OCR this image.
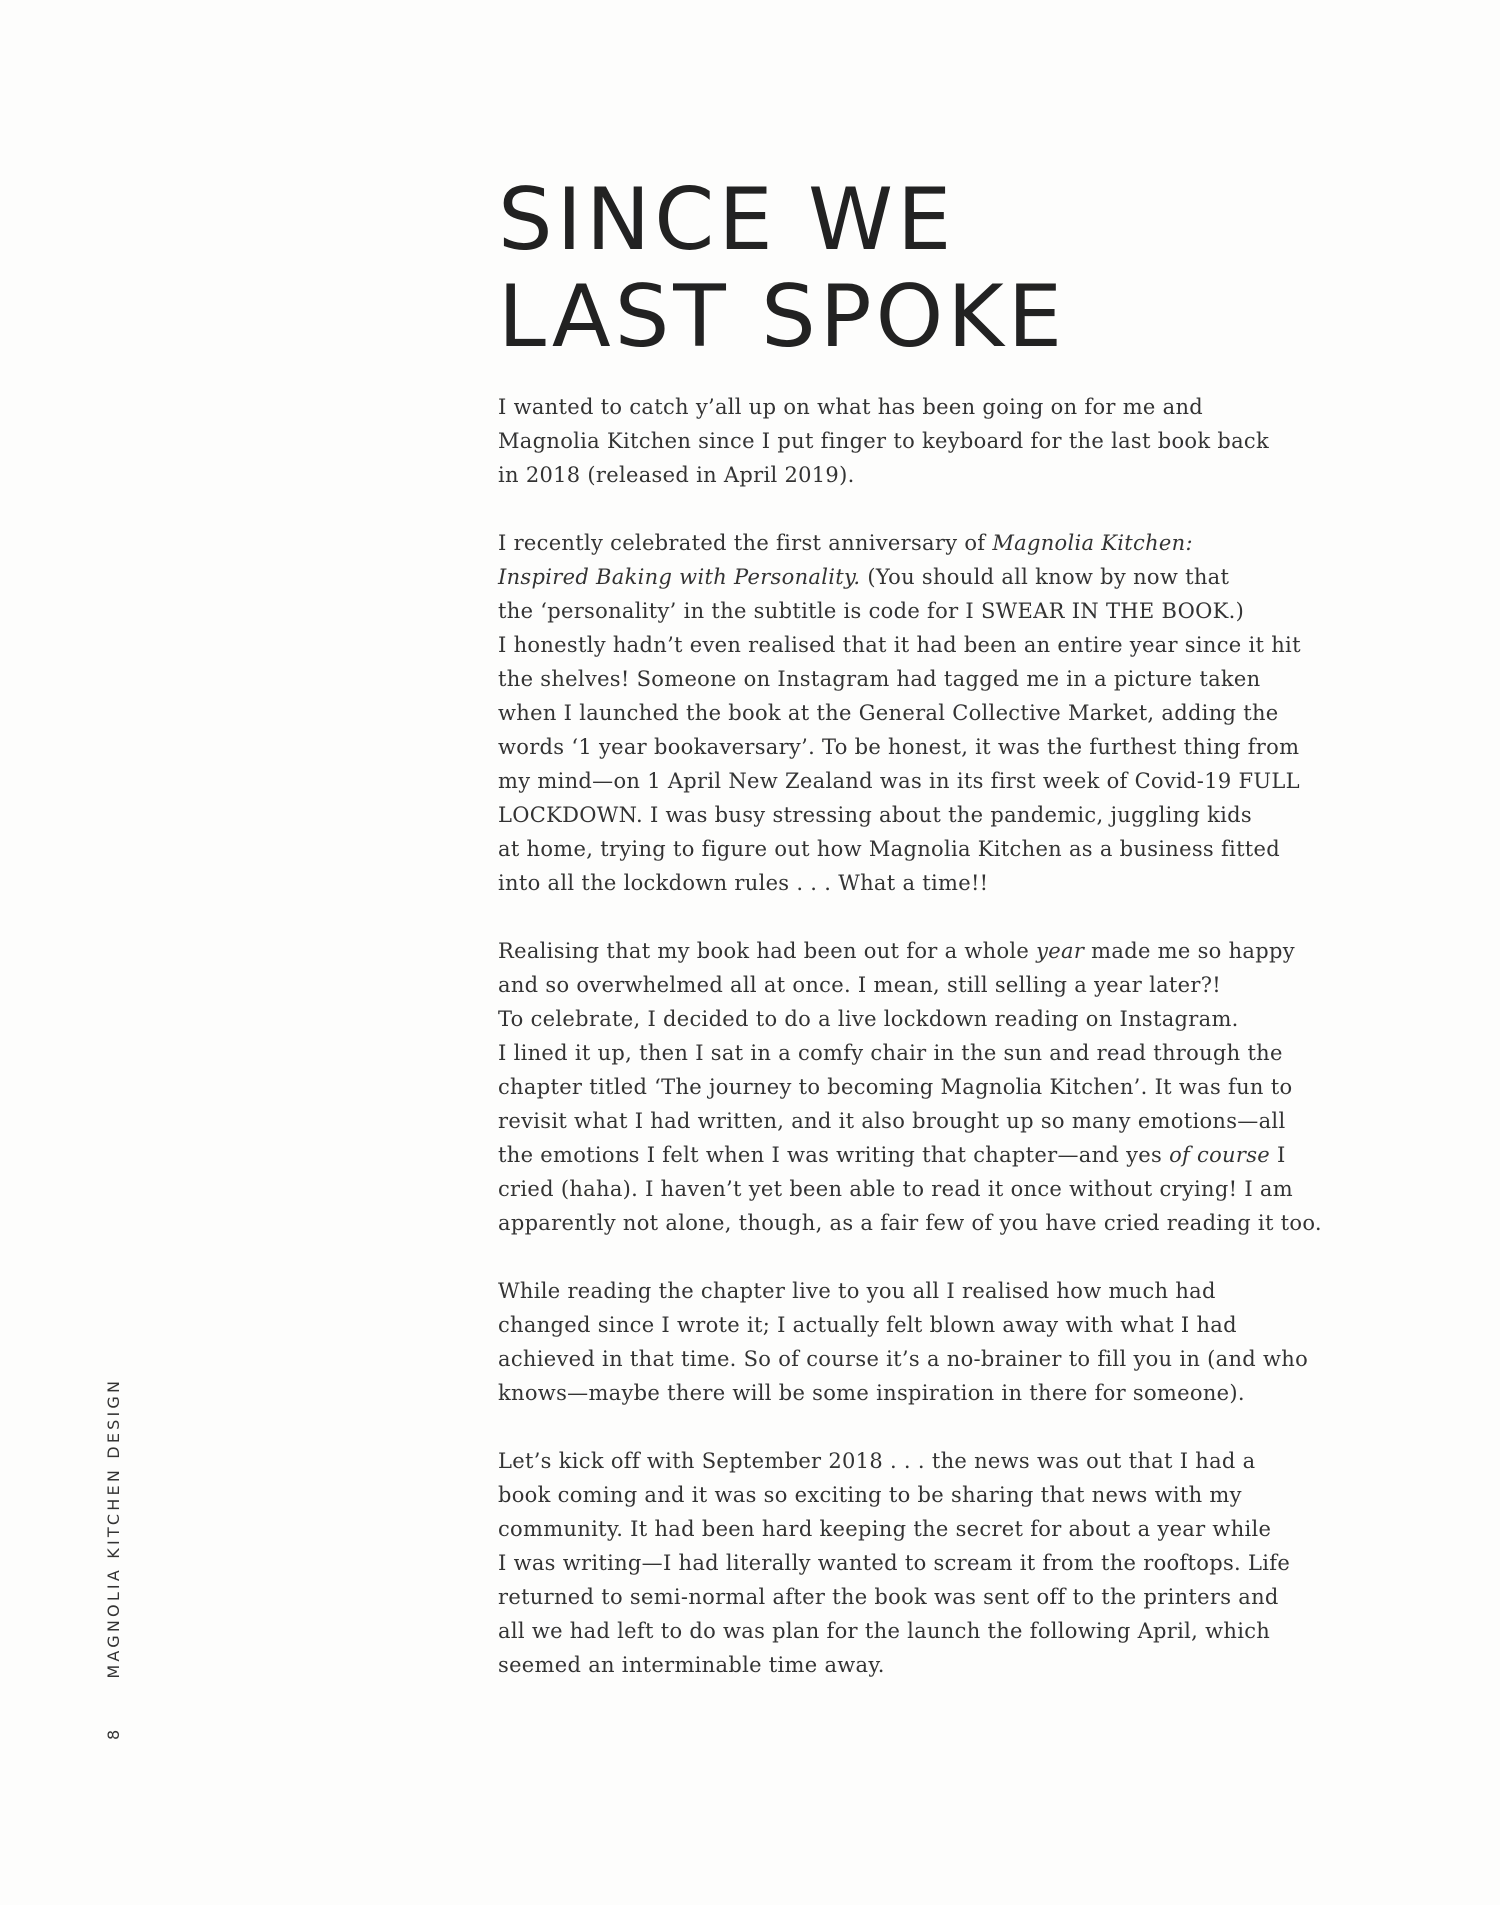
SINCE WE
LAST SPOKE

I wanted to catch y’all up on what has been going on for me and
Magnolia Kitchen since I put finger to keyboard for the last book back
in 2018 (released in April 2019).

I recently celebrated the first anniversary of Magnolia Kitchen:
Inspired Baking with Personality. (You should all know by now that
the ‘personality’ in the subtitle is code for I SWEAR IN THE BOOK.)
I honestly hadn’t even realised that it had been an entire year since it hit
the shelves! Someone on Instagram had tagged me in a picture taken
when I launched the book at the General Collective Market, adding the
words ‘1 year bookaversary’. To be honest, it was the furthest thing from
my mind—on 1 April New Zealand was in its first week of Covid-19 FULL
LOCKDOWN. I was busy stressing about the pandemic, juggling kids
at home, trying to figure out how Magnolia Kitchen as a business fitted
into all the lockdown rules . . . What a time!!

Realising that my book had been out for a whole year made me so happy
and so overwhelmed all at once. I mean, still selling a year later?!
To celebrate, I decided to do a live lockdown reading on Instagram.
I lined it up, then I sat in a comfy chair in the sun and read through the
chapter titled ‘The journey to becoming Magnolia Kitchen’. It was fun to
revisit what I had written, and it also brought up so many emotions—all
the emotions I felt when I was writing that chapter—and yes of course I
cried (haha). I haven’t yet been able to read it once without crying! I am
apparently not alone, though, as a fair few of you have cried reading it too.

While reading the chapter live to you all I realised how much had
changed since I wrote it; I actually felt blown away with what I had
achieved in that time. So of course it’s a no-brainer to fill you in (and who
knows—maybe there will be some inspiration in there for someone).

Let’s kick off with September 2018 . . . the news was out that I had a
book coming and it was so exciting to be sharing that news with my
community. It had been hard keeping the secret for about a year while
I was writing—I had literally wanted to scream it from the rooftops. Life
returned to semi-normal after the book was sent off to the printers and
all we had left to do was plan for the launch the following April, which
seemed an interminable time away.

8MAGNOLIA KITCHEN DESIGN
